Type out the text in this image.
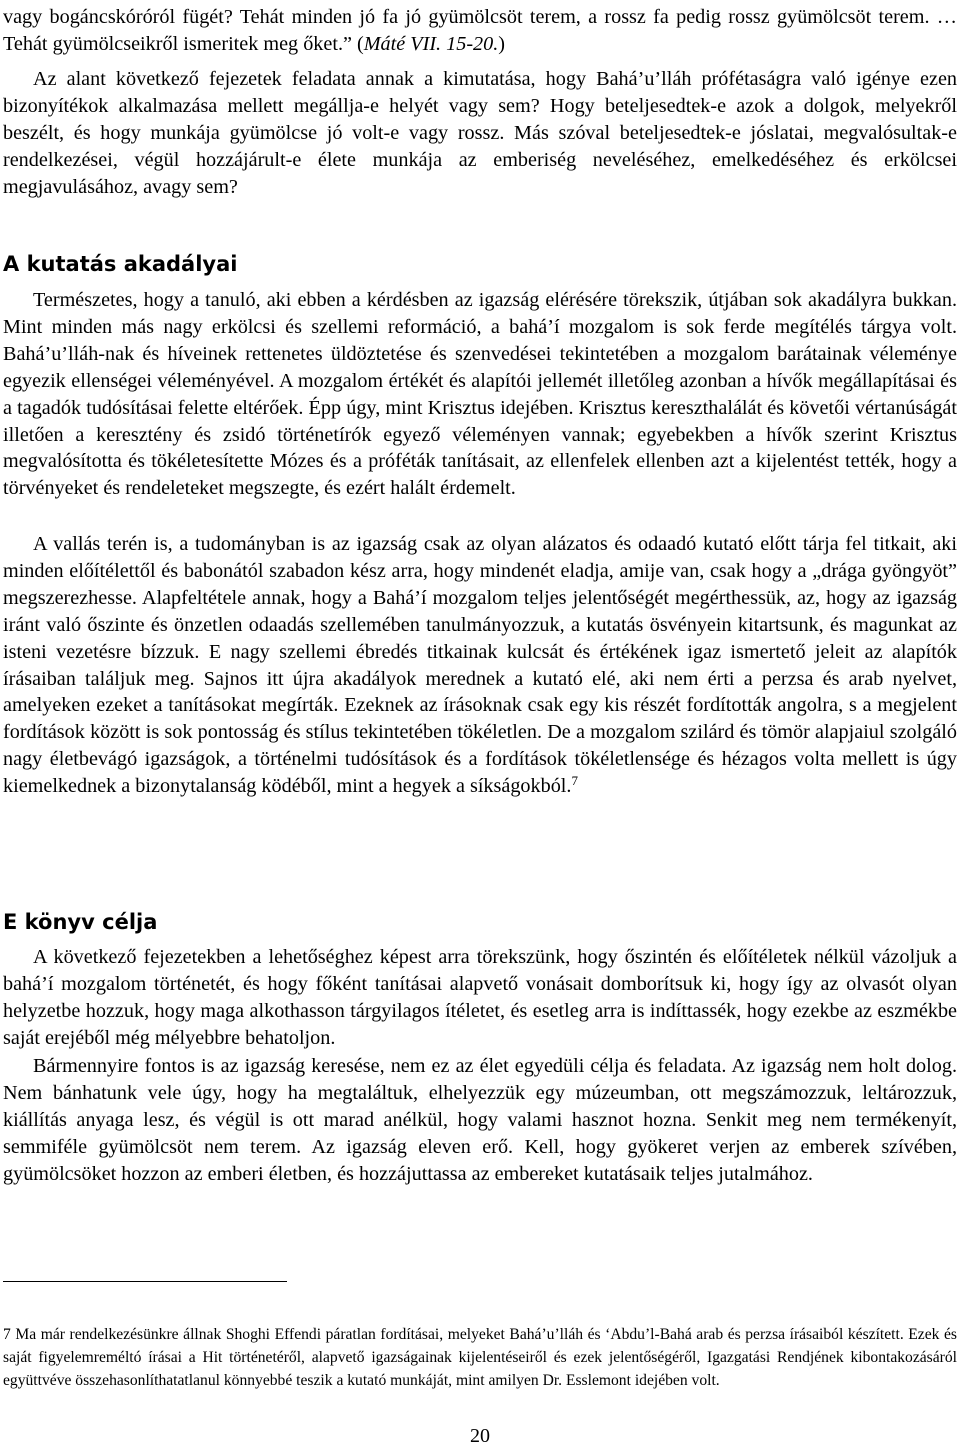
vagy bogáncskóróról fügét? Tehát minden jó fa jó gyümölcsöt terem, a rossz fa pedig rossz gyümölcsöt terem. … Tehát gyümölcseikről ismeritek meg őket.” (Máté VII. 15-20.)

Az alant következő fejezetek feladata annak a kimutatása, hogy Bahá’u’lláh prófétaságra való igénye ezen bizonyítékok alkalmazása mellett megállja-e helyét vagy sem? Hogy beteljesedtek-e azok a dolgok, melyekről beszélt, és hogy munkája gyümölcse jó volt-e vagy rossz. Más szóval beteljesedtek-e jóslatai, megvalósultak-e rendelkezései, végül hozzájárult-e élete munkája az emberiség neveléséhez, emelkedéséhez és erkölcsei megjavulásához, avagy sem?

A kutatás akadályai

Természetes, hogy a tanuló, aki ebben a kérdésben az igazság elérésére törekszik, útjában sok akadályra bukkan. Mint minden más nagy erkölcsi és szellemi reformáció, a bahá’í mozgalom is sok ferde megítélés tárgya volt. Bahá’u’lláh-nak és híveinek rettenetes üldöztetése és szenvedései tekintetében a mozgalom barátainak véleménye egyezik ellenségei véleményével. A mozgalom értékét és alapítói jellemét illetőleg azonban a hívők megállapításai és a tagadók tudósításai felette eltérőek. Épp úgy, mint Krisztus idejében. Krisztus kereszthalálát és követői vértanúságát illetően a keresztény és zsidó történetírók egyező véleményen vannak; egyebekben a hívők szerint Krisztus megvalósította és tökéletesítette Mózes és a próféták tanításait, az ellenfelek ellenben azt a kijelentést tették, hogy a törvényeket és rendeleteket megszegte, és ezért halált érdemelt.

A vallás terén is, a tudományban is az igazság csak az olyan alázatos és odaadó kutató előtt tárja fel titkait, aki minden előítélettől és babonától szabadon kész arra, hogy mindenét eladja, amije van, csak hogy a „drága gyöngyöt” megszerezhesse. Alapfeltétele annak, hogy a Bahá’í mozgalom teljes jelentőségét megérthessük, az, hogy az igazság iránt való őszinte és önzetlen odaadás szellemében tanulmányozzuk, a kutatás ösvényein kitartsunk, és magunkat az isteni vezetésre bízzuk. E nagy szellemi ébredés titkainak kulcsát és értékének igaz ismertető jeleit az alapítók írásaiban találjuk meg. Sajnos itt újra akadályok merednek a kutató elé, aki nem érti a perzsa és arab nyelvet, amelyeken ezeket a tanításokat megírták. Ezeknek az írásoknak csak egy kis részét fordították angolra, s a megjelent fordítások között is sok pontosság és stílus tekintetében tökéletlen. De a mozgalom szilárd és tömör alapjaiul szolgáló nagy életbevágó igazságok, a történelmi tudósítások és a fordítások tökéletlensége és hézagos volta mellett is úgy kiemelkednek a bizonytalanság ködéből, mint a hegyek a síkságokból.$^7$

E könyv célja

A következő fejezetekben a lehetőséghez képest arra törekszünk, hogy őszintén és előítéletek nélkül vázoljuk a bahá’í mozgalom történetét, és hogy főként tanításai alapvető vonásait domborítsuk ki, hogy így az olvasót olyan helyzetbe hozzuk, hogy maga alkothasson tárgyilagos ítéletet, és esetleg arra is indíttassék, hogy ezekbe az eszmékbe saját erejéből még mélyebbre behatoljon.

Bármennyire fontos is az igazság keresése, nem ez az élet egyedüli célja és feladata. Az igazság nem holt dolog. Nem bánhatunk vele úgy, hogy ha megtaláltuk, elhelyezzük egy múzeumban, ott megszámozzuk, leltározzuk, kiállítás anyaga lesz, és végül is ott marad anélkül, hogy valami hasznot hozna. Senkit meg nem termékenyít, semmiféle gyümölcsöt nem terem. Az igazság eleven erő. Kell, hogy gyökeret verjen az emberek szívében, gyümölcsöket hozzon az emberi életben, és hozzájuttassa az embereket kutatásaik teljes jutalmához.

7 Ma már rendelkezésünkre állnak Shoghi Effendi páratlan fordításai, melyeket Bahá’u’lláh és ‘Abdu’l-Bahá arab és perzsa írásaiból készített. Ezek és saját figyelemreméltó írásai a Hit történetéről, alapvető igazságainak kijelentéseiről és ezek jelentőségéről, Igazgatási Rendjének kibontakozásáról együttvéve összehasonlíthatatlanul könnyebbé teszik a kutató munkáját, mint amilyen Dr. Esslemont idejében volt.

20
